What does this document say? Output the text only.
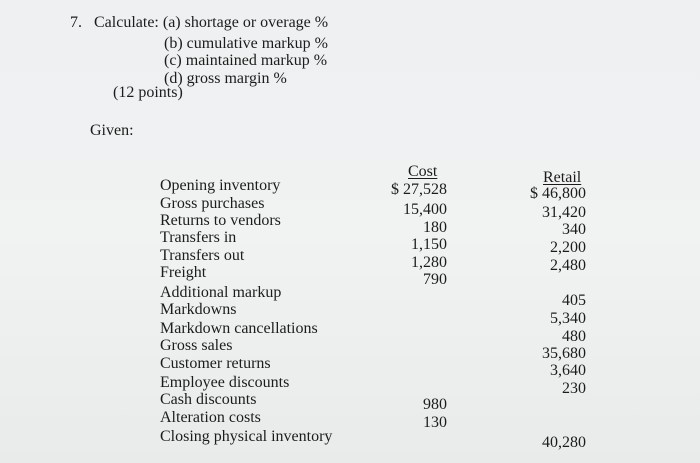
7. Calculate: (a) shortage or overage %
(b) cumulative markup %
(c) maintained markup %
(d) gross margin %
(12 points)
Given:
Cost	Retail
Opening inventory
Gross purchases
Returns to vendors
Transfers in
Transfers out
Freight
Additional markup
Markdowns
Markdown cancellations
Gross sales
Customer returns
Employee discounts
Cash discounts
Alteration costs
Closing physical inventory
$ 27,528
15,400
180
1,150
1,280
790
980
130
$ 46,800
31,420
340
2,200
2,480
405
5,340
480
35,680
3,640
230
40,280
